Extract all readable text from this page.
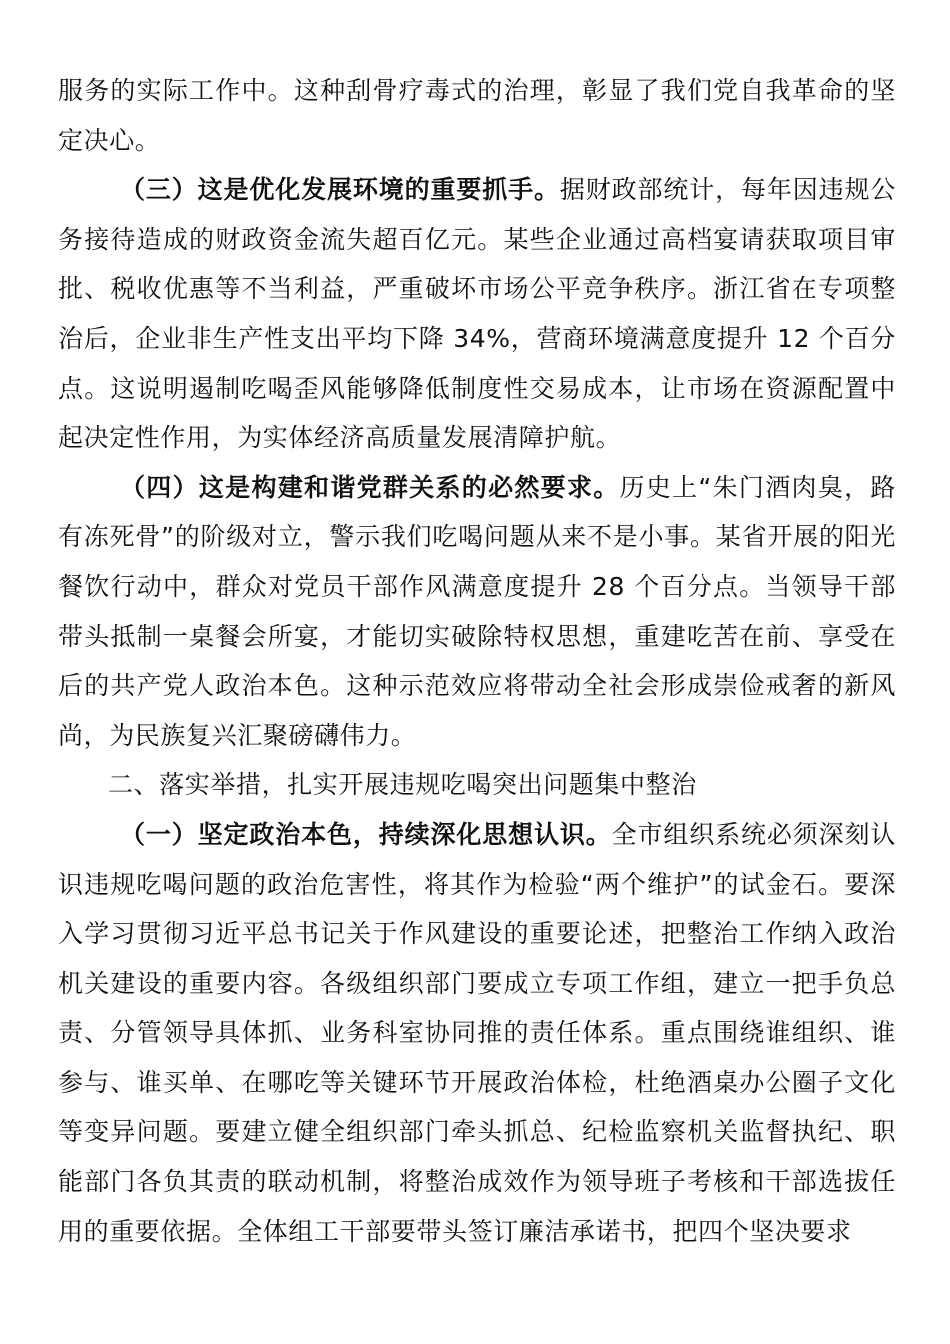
服务的实际工作中。这种刮骨疗毒式的治理，彰显了我们党自我革命的坚定决心。

（三）这是优化发展环境的重要抓手。据财政部统计，每年因违规公务接待造成的财政资金流失超百亿元。某些企业通过高档宴请获取项目审批、税收优惠等不当利益，严重破坏市场公平竞争秩序。浙江省在专项整治后，企业非生产性支出平均下降 34%，营商环境满意度提升 12 个百分点。这说明遏制吃喝歪风能够降低制度性交易成本，让市场在资源配置中起决定性作用，为实体经济高质量发展清障护航。

（四）这是构建和谐党群关系的必然要求。历史上“朱门酒肉臭，路有冻死骨”的阶级对立，警示我们吃喝问题从来不是小事。某省开展的阳光餐饮行动中，群众对党员干部作风满意度提升 28 个百分点。当领导干部带头抵制一桌餐会所宴，才能切实破除特权思想，重建吃苦在前、享受在后的共产党人政治本色。这种示范效应将带动全社会形成崇俭戒奢的新风尚，为民族复兴汇聚磅礴伟力。

二、落实举措，扎实开展违规吃喝突出问题集中整治

（一）坚定政治本色，持续深化思想认识。全市组织系统必须深刻认识违规吃喝问题的政治危害性，将其作为检验“两个维护”的试金石。要深入学习贯彻习近平总书记关于作风建设的重要论述，把整治工作纳入政治机关建设的重要内容。各级组织部门要成立专项工作组，建立一把手负总责、分管领导具体抓、业务科室协同推的责任体系。重点围绕谁组织、谁参与、谁买单、在哪吃等关键环节开展政治体检，杜绝酒桌办公圈子文化等变异问题。要建立健全组织部门牵头抓总、纪检监察机关监督执纪、职能部门各负其责的联动机制，将整治成效作为领导班子考核和干部选拔任用的重要依据。全体组工干部要带头签订廉洁承诺书，把四个坚决要求
